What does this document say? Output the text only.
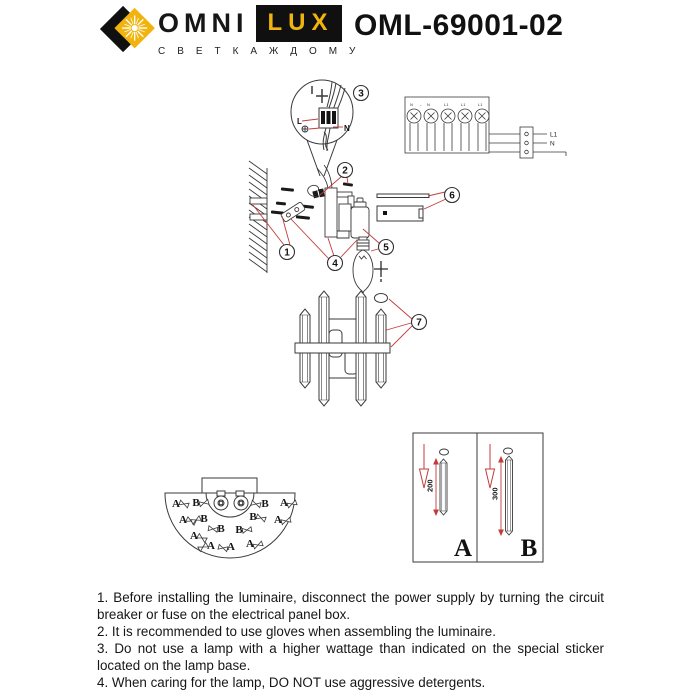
OMNI LUX
С В Е Т К А Ж Д О М У
OML-69001-02
L
N
N ← N	L1	L1	L1
L1
N
1
2
3
4
5
6
7
A B	B A
A B	B A
B B
A
A A A
200
A
300
B

1. Before installing the luminaire, disconnect the power supply by turning the circuit breaker or fuse on the electrical panel box.

2. It is recommended to use gloves when assembling the luminaire.

3. Do not use a lamp with a higher wattage than indicated on the special sticker located on the lamp base.

4. When caring for the lamp, DO NOT use aggressive detergents.
